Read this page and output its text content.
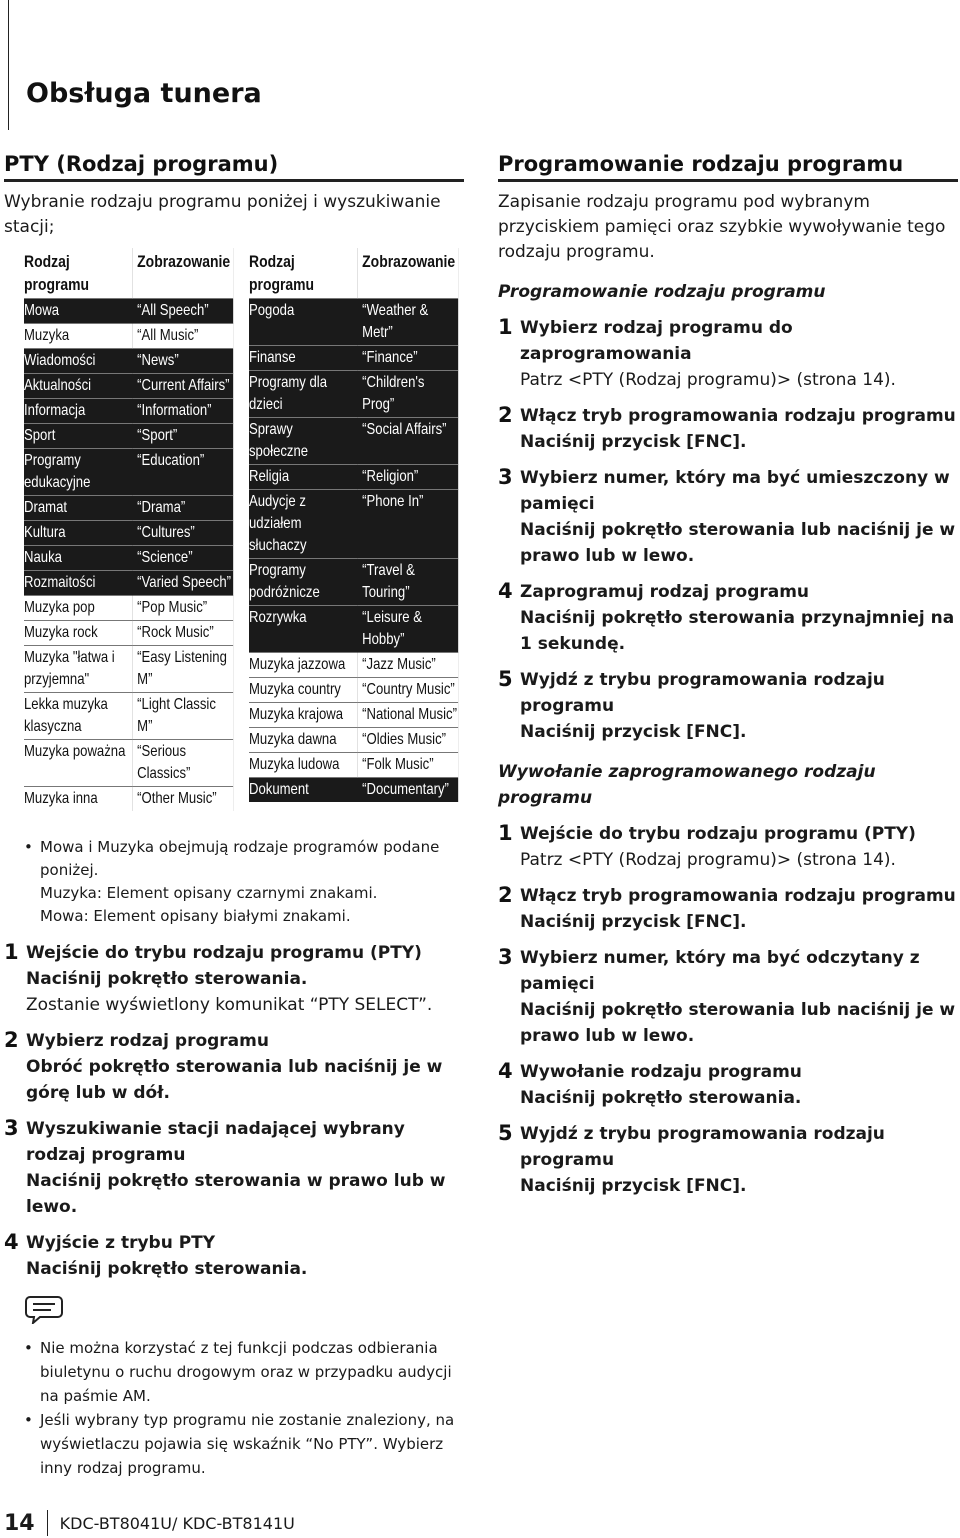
Obsługa tunera
PTY (Rodzaj programu)

Wybranie rodzaju programu poniżej i wyszukiwanie stacji;

Rodzaj programu	Zobrazowanie
Mowa	“All Speech”
Muzyka	“All Music”
Wiadomości	“News”
Aktualności	“Current Affairs”
Informacja	“Information”
Sport	“Sport”
Programy edukacyjne	“Education”
Dramat	“Drama”
Kultura	“Cultures”
Nauka	“Science”
Rozmaitości	“Varied Speech”
Muzyka pop	“Pop Music”
Muzyka rock	“Rock Music”
Muzyka "łatwa i przyjemna"	“Easy Listening M”
Lekka muzyka klasyczna	“Light Classic M”
Muzyka poważna	“Serious Classics”
Muzyka inna	“Other Music”
Rodzaj programu	Zobrazowanie
Pogoda	“Weather & Metr”
Finanse	“Finance”
Programy dla dzieci	“Children's Prog”
Sprawy społeczne	“Social Affairs”
Religia	“Religion”
Audycje z udziałem słuchaczy	“Phone In”
Programy podróżnicze	“Travel & Touring”
Rozrywka	“Leisure & Hobby”
Muzyka jazzowa	“Jazz Music”
Muzyka country	“Country Music”
Muzyka krajowa	“National Music”
Muzyka dawna	“Oldies Music”
Muzyka ludowa	“Folk Music”
Dokument	“Documentary”
• Mowa i Muzyka obejmują rodzaje programów podane poniżej.
Muzyka: Element opisany czarnymi znakami.
Mowa: Element opisany białymi znakami.
1 Wejście do trybu rodzaju programu (PTY)
Naciśnij pokrętło sterowania.
Zostanie wyświetlony komunikat “PTY SELECT”.
2 Wybierz rodzaj programu
Obróć pokrętło sterowania lub naciśnij je w górę lub w dół.
3 Wyszukiwanie stacji nadającej wybrany rodzaj programu
Naciśnij pokrętło sterowania w prawo lub w lewo.
4 Wyjście z trybu PTY
Naciśnij pokrętło sterowania.
• Nie można korzystać z tej funkcji podczas odbierania biuletynu o ruchu drogowym oraz w przypadku audycji na paśmie AM.
• Jeśli wybrany typ programu nie zostanie znaleziony, na wyświetlaczu pojawia się wskaźnik “No PTY”. Wybierz inny rodzaj programu.
Programowanie rodzaju programu

Zapisanie rodzaju programu pod wybranym przyciskiem pamięci oraz szybkie wywoływanie tego rodzaju programu.

Programowanie rodzaju programu
1 Wybierz rodzaj programu do zaprogramowania
Patrz <PTY (Rodzaj programu)> (strona 14).
2 Włącz tryb programowania rodzaju programu
Naciśnij przycisk [FNC].
3 Wybierz numer, który ma być umieszczony w pamięci
Naciśnij pokrętło sterowania lub naciśnij je w prawo lub w lewo.
4 Zaprogramuj rodzaj programu
Naciśnij pokrętło sterowania przynajmniej na 1 sekundę.
5 Wyjdź z trybu programowania rodzaju programu
Naciśnij przycisk [FNC].
Wywołanie zaprogramowanego rodzaju programu
1 Wejście do trybu rodzaju programu (PTY)
Patrz <PTY (Rodzaj programu)> (strona 14).
2 Włącz tryb programowania rodzaju programu
Naciśnij przycisk [FNC].
3 Wybierz numer, który ma być odczytany z pamięci
Naciśnij pokrętło sterowania lub naciśnij je w prawo lub w lewo.
4 Wywołanie rodzaju programu
Naciśnij pokrętło sterowania.
5 Wyjdź z trybu programowania rodzaju programu
Naciśnij przycisk [FNC].
14 KDC-BT8041U/ KDC-BT8141U
